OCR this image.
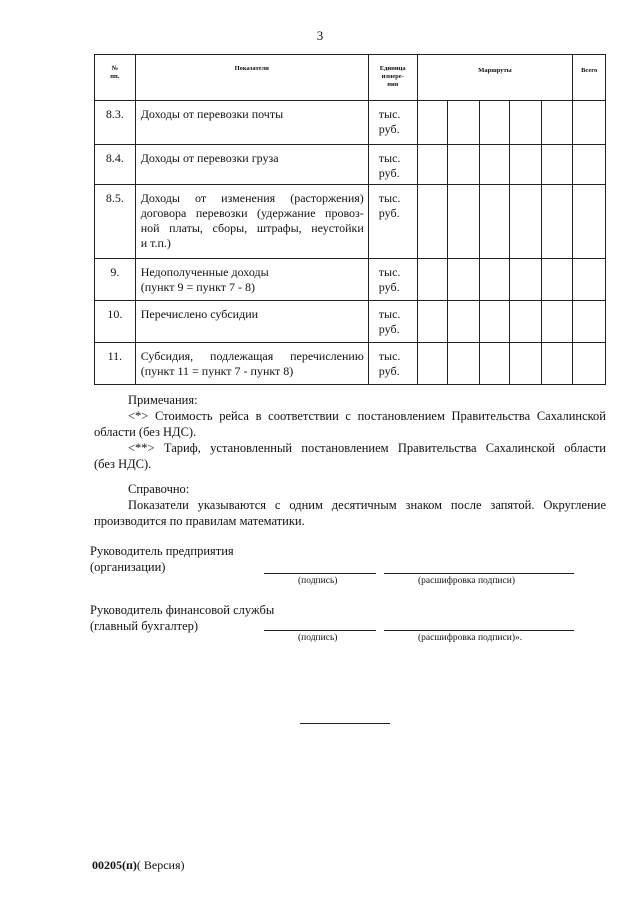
3
№
пп.	Показатели	Единица
измере-
ния	Маршруты					Всего
8.3.	Доходы от перевозки почты	тыс.
руб.						

8.4.	Доходы от перевозки груза	тыс.
руб.						

8.5.	Доходы от изменения (расторжения)
договора перевозки (удержание провоз-
ной платы, сборы, штрафы, неустойки
и т.п.)	тыс.
руб.						

9.	Недополученные доходы
(пункт 9 = пункт 7 - 8)	тыс.
руб.						

10.	Перечислено субсидии	тыс.
руб.						

11.	Субсидия, подлежащая перечислению
(пункт 11 = пункт 7 - пункт 8)	тыс.
руб.						

Примечания:
<*> Стоимость рейса в соответствии с постановлением Правительства Сахалинской
области (без НДС).
<**> Тариф, установленный постановлением Правительства Сахалинской области
(без НДС).
Справочно:
Показатели указываются с одним десятичным знаком после запятой. Округление
производится по правилам математики.
Руководитель предприятия
(организации)
(подпись)	(расшифровка подписи)
Руководитель финансовой службы
(главный бухгалтер)
(подпись)	(расшифровка подписи)».
00205(п)( Версия)
